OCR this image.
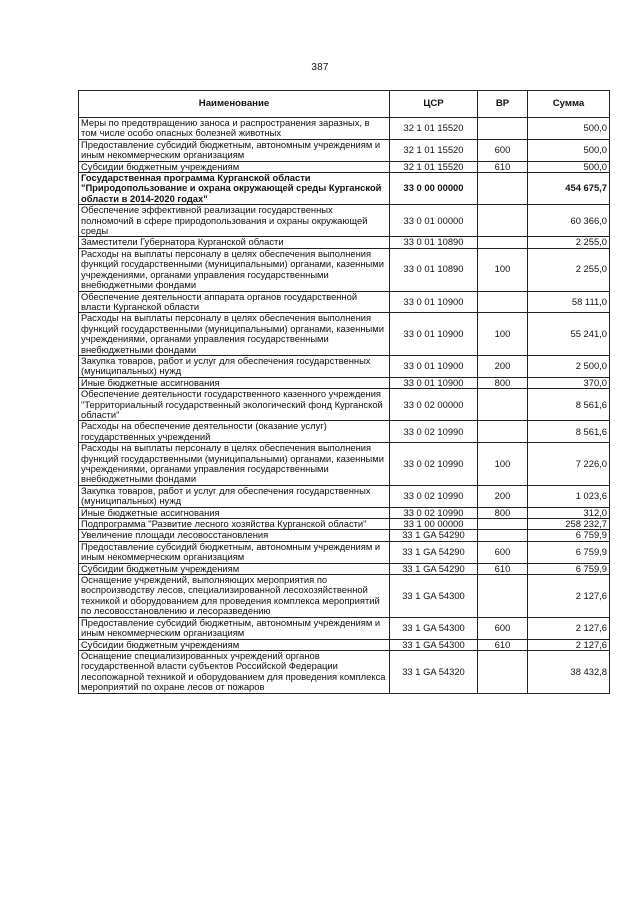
387
Наименование	ЦСР	ВР	Сумма
Меры по предотвращению заноса и распространения заразных, в том числе особо опасных болезней животных	32 1 01 15520		500,0
Предоставление субсидий бюджетным, автономным учреждениям и иным некоммерческим организациям	32 1 01 15520	600	500,0
Субсидии бюджетным учреждениям	32 1 01 15520	610	500,0
Государственная программа Курганской области "Природопользование и охрана окружающей среды Курганской области в 2014-2020 годах"	33 0 00 00000		454 675,7
Обеспечение эффективной реализации государственных полномочий в сфере природопользования и охраны окружающей среды	33 0 01 00000		60 366,0
Заместители Губернатора Курганской области	33 0 01 10890		2 255,0
Расходы на выплаты персоналу в целях обеспечения выполнения функций государственными (муниципальными) органами, казенными учреждениями, органами управления государственными внебюджетными фондами	33 0 01 10890	100	2 255,0
Обеспечение деятельности аппарата органов государственной власти Курганской области	33 0 01 10900		58 111,0
Расходы на выплаты персоналу в целях обеспечения выполнения функций государственными (муниципальными) органами, казенными учреждениями, органами управления государственными внебюджетными фондами	33 0 01 10900	100	55 241,0
Закупка товаров, работ и услуг для обеспечения государственных (муниципальных) нужд	33 0 01 10900	200	2 500,0
Иные бюджетные ассигнования	33 0 01 10900	800	370,0
Обеспечение деятельности государственного казенного учреждения "Территориальный государственный экологический фонд Курганской области"	33 0 02 00000		8 561,6
Расходы на обеспечение деятельности (оказание услуг) государственных учреждений	33 0 02 10990		8 561,6
Расходы на выплаты персоналу в целях обеспечения выполнения функций государственными (муниципальными) органами, казенными учреждениями, органами управления государственными внебюджетными фондами	33 0 02 10990	100	7 226,0
Закупка товаров, работ и услуг для обеспечения государственных (муниципальных) нужд	33 0 02 10990	200	1 023,6
Иные бюджетные ассигнования	33 0 02 10990	800	312,0
Подпрограмма "Развитие лесного хозяйства Курганской области"	33 1 00 00000		258 232,7
Увеличение площади лесовосстановления	33 1 GA 54290		6 759,9
Предоставление субсидий бюджетным, автономным учреждениям и иным некоммерческим организациям	33 1 GA 54290	600	6 759,9
Субсидии бюджетным учреждениям	33 1 GA 54290	610	6 759,9
Оснащение учреждений, выполняющих мероприятия по воспроизводству лесов, специализированной лесохозяйственной техникой и оборудованием для проведения комплекса мероприятий по лесовосстановлению и лесоразведению	33 1 GA 54300		2 127,6
Предоставление субсидий бюджетным, автономным учреждениям и иным некоммерческим организациям	33 1 GA 54300	600	2 127,6
Субсидии бюджетным учреждениям	33 1 GA 54300	610	2 127,6
Оснащение специализированных учреждений органов государственной власти субъектов Российской Федерации лесопожарной техникой и оборудованием для проведения комплекса мероприятий по охране лесов от пожаров	33 1 GA 54320		38 432,8
